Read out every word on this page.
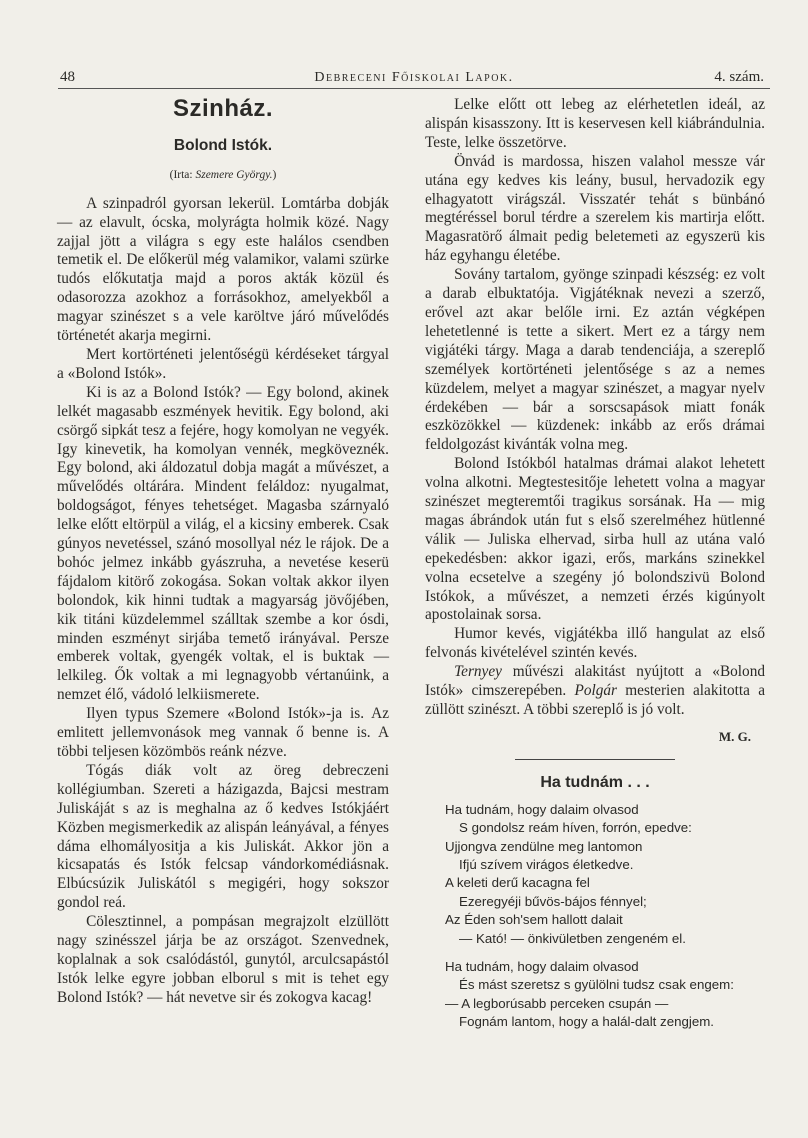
48	Debreceni Főiskolai Lapok.	4. szám.
Szinház.
Bolond Istók.
(Irta: Szemere György.)

A szinpadról gyorsan lekerül. Lomtárba dobják — az elavult, ócska, molyrágta holmik közé. Nagy zajjal jött a világra s egy este halálos csendben temetik el. De előkerül még valamikor, valami szürke tudós előkutatja majd a poros akták közül és odasorozza azokhoz a forrásokhoz, amelyekből a magyar szinészet s a vele karöltve járó művelődés történetét akarja megirni.

Mert kortörténeti jelentőségü kérdéseket tárgyal a «Bolond Istók».

Ki is az a Bolond Istók? — Egy bolond, akinek lelkét magasabb eszmények hevitik. Egy bolond, aki csörgő sipkát tesz a fejére, hogy komolyan ne vegyék. Igy kinevetik, ha komolyan vennék, megköveznék. Egy bolond, aki áldozatul dobja magát a művészet, a művelődés oltárára. Mindent feláldoz: nyugalmat, boldogságot, fényes tehetséget. Magasba szárnyaló lelke előtt eltörpül a világ, el a kicsiny emberek. Csak gúnyos nevetéssel, szánó mosollyal néz le rájok. De a bohóc jelmez inkább gyászruha, a nevetése keserü fájdalom kitörő zokogása. Sokan voltak akkor ilyen bolondok, kik hinni tudtak a magyarság jövőjében, kik titáni küzdelemmel szálltak szembe a kor ósdi, minden eszményt sirjába temető irányával. Persze emberek voltak, gyengék voltak, el is buktak — lelkileg. Ők voltak a mi legnagyobb vértanúink, a nemzet élő, vádoló lelkiismerete.

Ilyen typus Szemere «Bolond Istók»-ja is. Az emlitett jellemvonások meg vannak ő benne is. A többi teljesen közömbös reánk nézve.

Tógás diák volt az öreg debreczeni kollégiumban. Szereti a házigazda, Bajcsi mestram Juliskáját s az is meghalna az ő kedves Istókjáért Közben megismerkedik az alispán leányával, a fényes dáma elhomályositja a kis Juliskát. Akkor jön a kicsapatás és Istók felcsap vándorkomédiásnak. Elbúcsúzik Juliskától s megigéri, hogy sokszor gondol reá.

Cölesztinnel, a pompásan megrajzolt elzüllött nagy szinésszel járja be az országot. Szenvednek, koplalnak a sok csalódástól, gunytól, arculcsapástól Istók lelke egyre jobban elborul s mit is tehet egy Bolond Istók? — hát nevetve sir és zokogva kacag!

Lelke előtt ott lebeg az elérhetetlen ideál, az alispán kisasszony. Itt is keservesen kell kiábrándulnia. Teste, lelke összetörve.

Önvád is mardossa, hiszen valahol messze vár utána egy kedves kis leány, busul, hervadozik egy elhagyatott virágszál. Visszatér tehát s bünbánó megtéréssel borul térdre a szerelem kis martirja előtt. Magasratörő álmait pedig beletemeti az egyszerü kis ház egyhangu életébe.

Sovány tartalom, gyönge szinpadi készség: ez volt a darab elbuktatója. Vigjátéknak nevezi a szerző, erővel azt akar belőle irni. Ez aztán végképen lehetetlenné is tette a sikert. Mert ez a tárgy nem vigjátéki tárgy. Maga a darab tendenciája, a szereplő személyek kortörténeti jelentősége s az a nemes küzdelem, melyet a magyar szinészet, a magyar nyelv érdekében — bár a sorscsapások miatt fonák eszközökkel — küzdenek: inkább az erős drámai feldolgozást kivánták volna meg.

Bolond Istókból hatalmas drámai alakot lehetett volna alkotni. Megtestesitője lehetett volna a magyar szinészet megteremtői tragikus sorsának. Ha — mig magas ábrándok után fut s első szerelméhez hütlenné válik — Juliska elhervad, sirba hull az utána való epekedésben: akkor igazi, erős, markáns szinekkel volna ecsetelve a szegény jó bolondszivü Bolond Istókok, a művészet, a nemzeti érzés kigúnyolt apostolainak sorsa.

Humor kevés, vigjátékba illő hangulat az első felvonás kivételével szintén kevés.

Ternyey művészi alakitást nyújtott a «Bolond Istók» cimszerepében. Polgár mesterien alakitotta a züllött szinészt. A többi szereplő is jó volt.

M. G.
Ha tudnám . . .
Ha tudnám, hogy dalaim olvasod
S gondolsz reám híven, forrón, epedve:
Ujjongva zendülne meg lantomon
Ifjú szívem virágos életkedve.
A keleti derű kacagna fel
Ezeregyéji bűvös-bájos fénnyel;
Az Éden soh'sem hallott dalait
— Kató! — önkivületben zengeném el.
Ha tudnám, hogy dalaim olvasod
És mást szeretsz s gyülölni tudsz csak engem:
— A legborúsabb perceken csupán —
Fognám lantom, hogy a halál-dalt zengjem.
